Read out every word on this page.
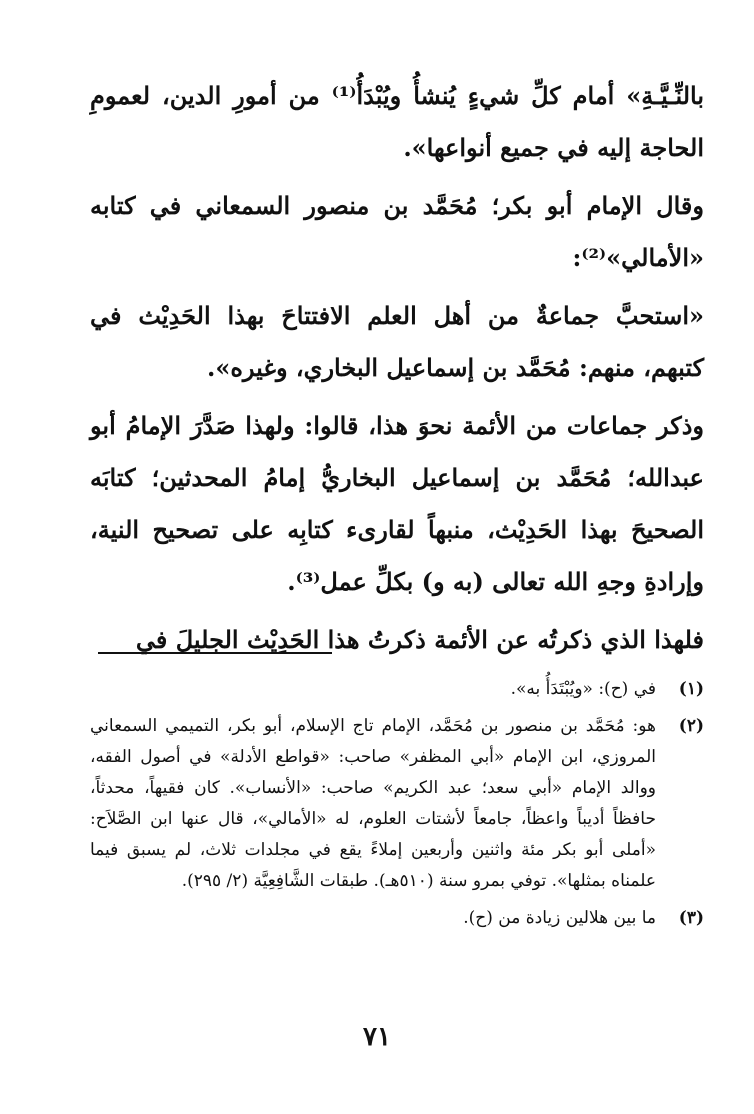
بالنِّـيَّـةِ» أمام كلِّ شيءٍ يُنشأُ ويُبْدَأُ⁽¹⁾ من أمورِ الدين، لعمومِ الحاجة إليه في جميع أنواعها».

وقال الإمام أبو بكر؛ مُحَمَّد بن منصور السمعاني في كتابه «الأمالي»⁽²⁾:

«استحبَّ جماعةٌ من أهل العلم الافتتاحَ بهذا الحَدِيْث في كتبهم، منهم: مُحَمَّد بن إسماعيل البخاري، وغيره».

وذكر جماعات من الأئمة نحوَ هذا، قالوا: ولهذا صَدَّرَ الإمامُ أبو عبدالله؛ مُحَمَّد بن إسماعيل البخاريُّ إمامُ المحدثين؛ كتابَه الصحيحَ بهذا الحَدِيْث، منبهاً لقارىء كتابِه على تصحيح النية، وإرادةِ وجهِ الله تعالى (به و) بكلِّ عمل⁽³⁾.

فلهذا الذي ذكرتُه عن الأئمة ذكرتُ هذا الحَدِيْث الجليلَ في

(١)
في (ح): «ويُبْتَدَأُ به».
(٢)
هو: مُحَمَّد بن منصور بن مُحَمَّد، الإمام تاج الإسلام، أبو بكر، التميمي السمعاني المروزي، ابن الإمام «أبي المظفر» صاحب: «قواطع الأدلة» في أصول الفقه، ووالد الإمام «أبي سعد؛ عبد الكريم» صاحب: «الأنساب». كان فقيهاً، محدثاً، حافظاً أديباً واعظاً، جامعاً لأشتات العلوم، له «الأمالي»، قال عنها ابن الصَّلاَح: «أملى أبو بكر مئة واثنين وأربعين إملاءً يقع في مجلدات ثلاث، لم يسبق فيما علمناه بمثلها». توفي بمرو سنة (٥١٠هـ). طبقات الشَّافِعِيَّة (٢/ ٢٩٥).
(٣)
ما بين هلالين زيادة من (ح).
٧١
